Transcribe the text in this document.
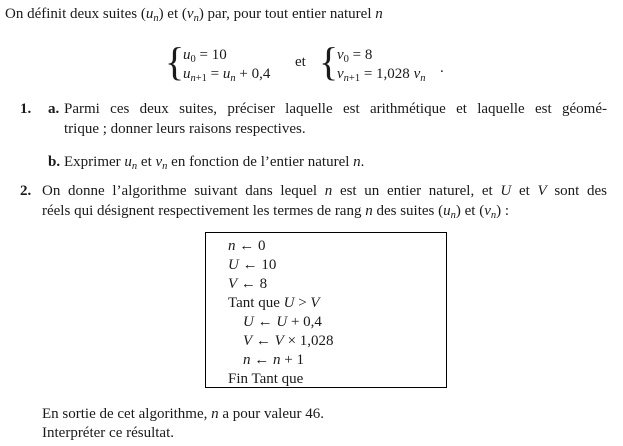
On définit deux suites $(u_n)$ et $(v_n)$ par, pour tout entier naturel n
{
$u_0 = 10$
$u_{n+1} = u_n + 0,4$
et {
$v_0 = 8$
$v_{n+1} = 1,028$ $v_n$
.
1. a. Parmi ces deux suites, préciser laquelle est arithmétique et laquelle est géomé-
trique ; donner leurs raisons respectives.
b. Exprimer $u_n$ et $v_n$ en fonction de l’entier naturel n.
2. On donne l’algorithme suivant dans lequel n est un entier naturel, et U et V sont des
réels qui désignent respectivement les termes de rang n des suites $(u_n)$ et $(v_n)$ :
n ← 0
U ← 10
V ← 8
Tant que U > V
U ← U + 0,4
V ← V × 1,028
n ← n + 1
Fin Tant que
En sortie de cet algorithme, n a pour valeur 46.
Interpréter ce résultat.
